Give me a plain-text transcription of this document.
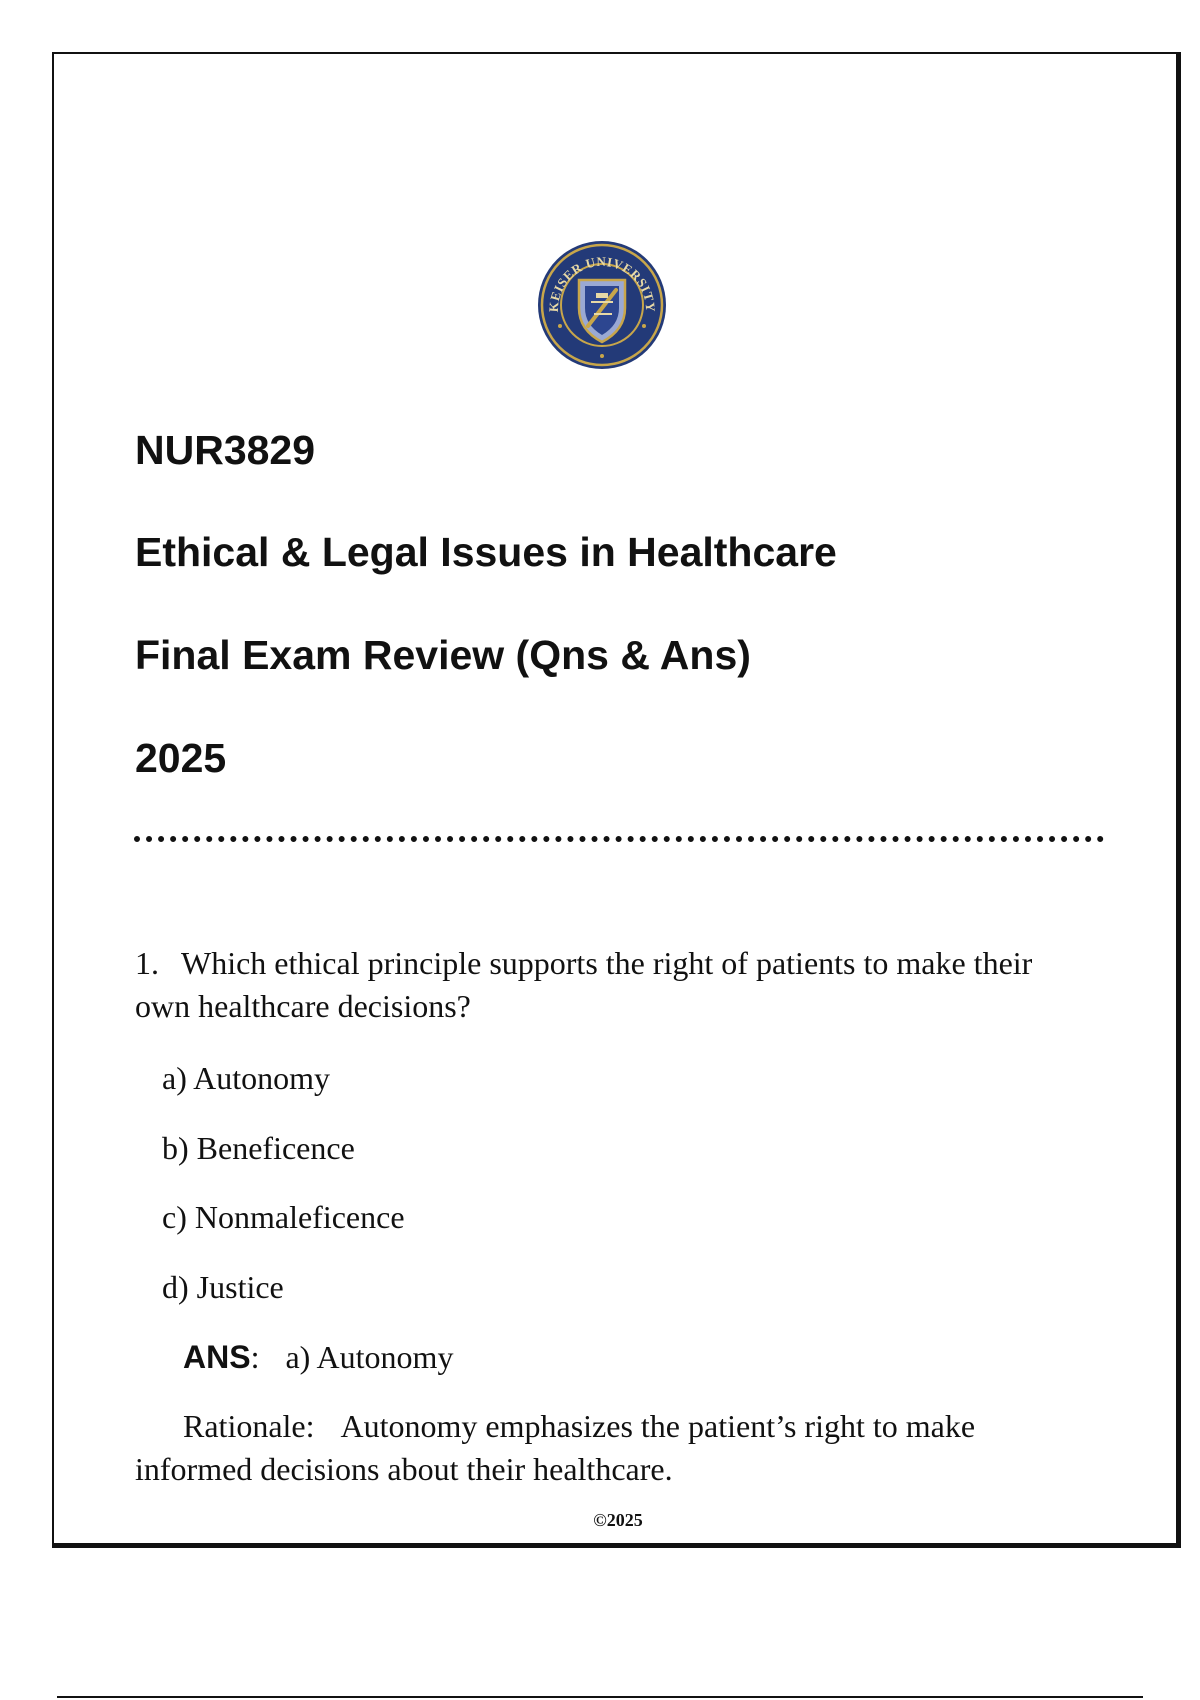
KEISER UNIVERSITY
NUR3829
Ethical & Legal Issues in Healthcare
Final Exam Review (Qns & Ans)
2025

1. Which ethical principle supports the right of patients to make their own healthcare decisions?

a) Autonomy
b) Beneficence
c) Nonmaleficence
d) Justice
ANS: a) Autonomy

Rationale: Autonomy emphasizes the patient’s right to make informed decisions about their healthcare.

©2025
